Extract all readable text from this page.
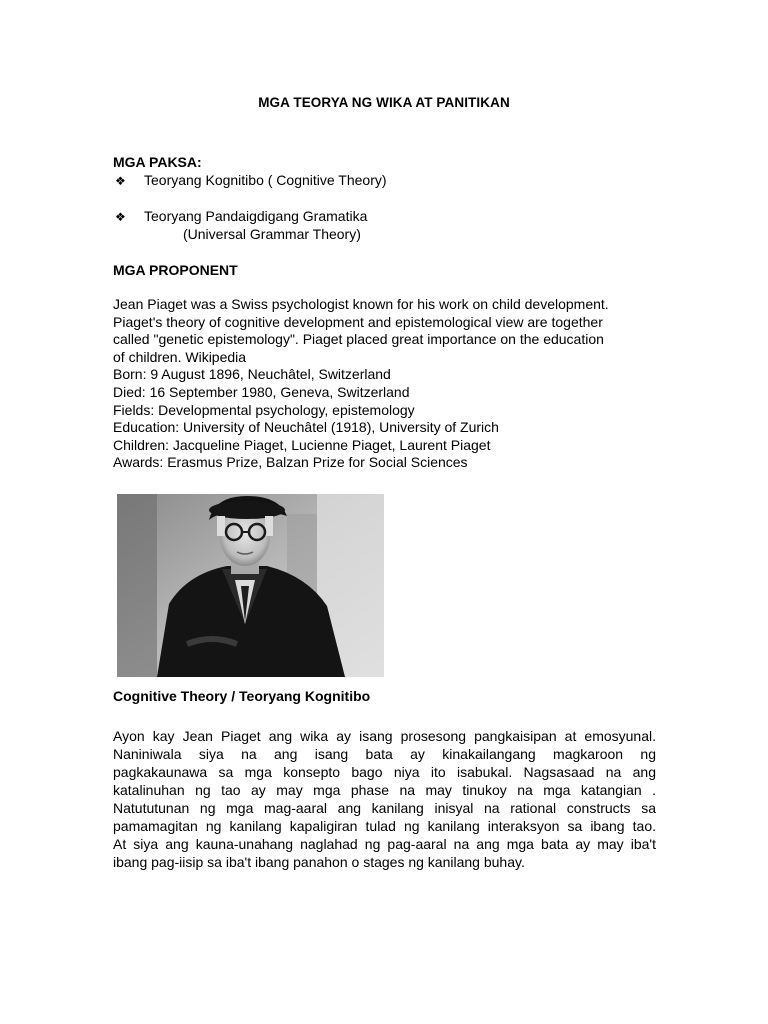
MGA TEORYA NG WIKA AT PANITIKAN
MGA PAKSA:
❖ Teoryang Kognitibo ( Cognitive Theory)
❖ Teoryang Pandaigdigang Gramatika
(Universal Grammar Theory)
MGA PROPONENT
Jean Piaget was a Swiss psychologist known for his work on child development.
Piaget's theory of cognitive development and epistemological view are together
called "genetic epistemology". Piaget placed great importance on the education
of children. Wikipedia
Born: 9 August 1896, Neuchâtel, Switzerland
Died: 16 September 1980, Geneva, Switzerland
Fields: Developmental psychology, epistemology
Education: University of Neuchâtel (1918), University of Zurich
Children: Jacqueline Piaget, Lucienne Piaget, Laurent Piaget
Awards: Erasmus Prize, Balzan Prize for Social Sciences
Cognitive Theory / Teoryang Kognitibo
Ayon kay Jean Piaget ang wika ay isang prosesong pangkaisipan at emosyunal.
Naniniwala siya na ang isang bata ay kinakailangang magkaroon ng
pagkakaunawa sa mga konsepto bago niya ito isabukal. Nagsasaad na ang
katalinuhan ng tao ay may mga phase na may tinukoy na mga katangian .
Natututunan ng mga mag-aaral ang kanilang inisyal na rational constructs sa
pamamagitan ng kanilang kapaligiran tulad ng kanilang interaksyon sa ibang tao.
At siya ang kauna-unahang naglahad ng pag-aaral na ang mga bata ay may iba't
ibang pag-iisip sa iba't ibang panahon o stages ng kanilang buhay.
